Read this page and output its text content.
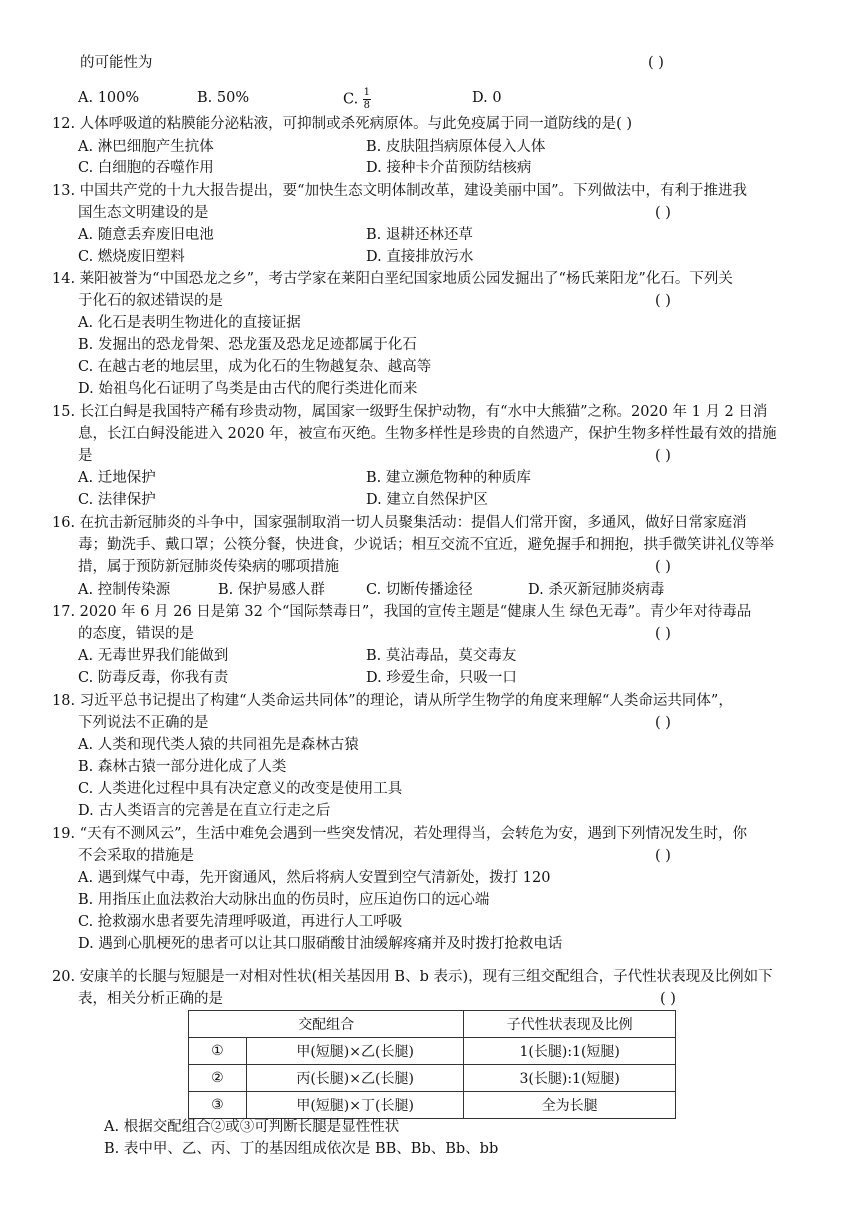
的可能性为	( )
A. 100%	B. 50%	C. $\frac{1}{8}$	D. 0
12. 人体呼吸道的粘膜能分泌粘液，可抑制或杀死病原体。与此免疫属于同一道防线的是( )
A. 淋巴细胞产生抗体	B. 皮肤阻挡病原体侵入人体
C. 白细胞的吞噬作用	D. 接种卡介苗预防结核病
13. 中国共产党的十九大报告提出，要“加快生态文明体制改革，建设美丽中国”。下列做法中，有利于推进我
国生态文明建设的是	( )
A. 随意丢弃废旧电池	B. 退耕还林还草
C. 燃烧废旧塑料	D. 直接排放污水
14. 莱阳被誉为“中国恐龙之乡”，考古学家在莱阳白垩纪国家地质公园发掘出了“杨氏莱阳龙”化石。下列关
于化石的叙述错误的是	( )
A. 化石是表明生物进化的直接证据
B. 发掘出的恐龙骨架、恐龙蛋及恐龙足迹都属于化石
C. 在越古老的地层里，成为化石的生物越复杂、越高等
D. 始祖鸟化石证明了鸟类是由古代的爬行类进化而来
15. 长江白鲟是我国特产稀有珍贵动物，属国家一级野生保护动物，有“水中大熊猫”之称。2020 年 1 月 2 日消
息，长江白鲟没能进入 2020 年，被宣布灭绝。生物多样性是珍贵的自然遗产，保护生物多样性最有效的措施
是	( )
A. 迁地保护	B. 建立濒危物种的种质库
C. 法律保护	D. 建立自然保护区
16. 在抗击新冠肺炎的斗争中，国家强制取消一切人员聚集活动：提倡人们常开窗，多通风，做好日常家庭消
毒；勤洗手、戴口罩；公筷分餐，快进食，少说话；相互交流不宜近，避免握手和拥抱，拱手微笑讲礼仪等举
措，属于预防新冠肺炎传染病的哪项措施	( )
A. 控制传染源	B. 保护易感人群	C. 切断传播途径	D. 杀灭新冠肺炎病毒
17. 2020 年 6 月 26 日是第 32 个“国际禁毒日”，我国的宣传主题是“健康人生 绿色无毒”。青少年对待毒品
的态度，错误的是	( )
A. 无毒世界我们能做到	B. 莫沾毒品，莫交毒友
C. 防毒反毒，你我有责	D. 珍爱生命，只吸一口
18. 习近平总书记提出了构建“人类命运共同体”的理论，请从所学生物学的角度来理解“人类命运共同体”，
下列说法不正确的是	( )
A. 人类和现代类人猿的共同祖先是森林古猿
B. 森林古猿一部分进化成了人类
C. 人类进化过程中具有决定意义的改变是使用工具
D. 古人类语言的完善是在直立行走之后
19. “天有不测风云”，生活中难免会遇到一些突发情况，若处理得当，会转危为安，遇到下列情况发生时，你
不会采取的措施是	( )
A. 遇到煤气中毒，先开窗通风，然后将病人安置到空气清新处，拨打 120
B. 用指压止血法救治大动脉出血的伤员时，应压迫伤口的远心端
C. 抢救溺水患者要先清理呼吸道，再进行人工呼吸
D. 遇到心肌梗死的患者可以让其口服硝酸甘油缓解疼痛并及时拨打抢救电话
20. 安康羊的长腿与短腿是一对相对性状(相关基因用 B、b 表示)，现有三组交配组合，子代性状表现及比例如下
表，相关分析正确的是	( )
交配组合		子代性状表现及比例
①	甲(短腿)×乙(长腿)	1(长腿):1(短腿)
②	丙(长腿)×乙(长腿)	3(长腿):1(短腿)
③	甲(短腿)×丁(长腿)	全为长腿
A. 根据交配组合②或③可判断长腿是显性性状
B. 表中甲、乙、丙、丁的基因组成依次是 BB、Bb、Bb、bb
